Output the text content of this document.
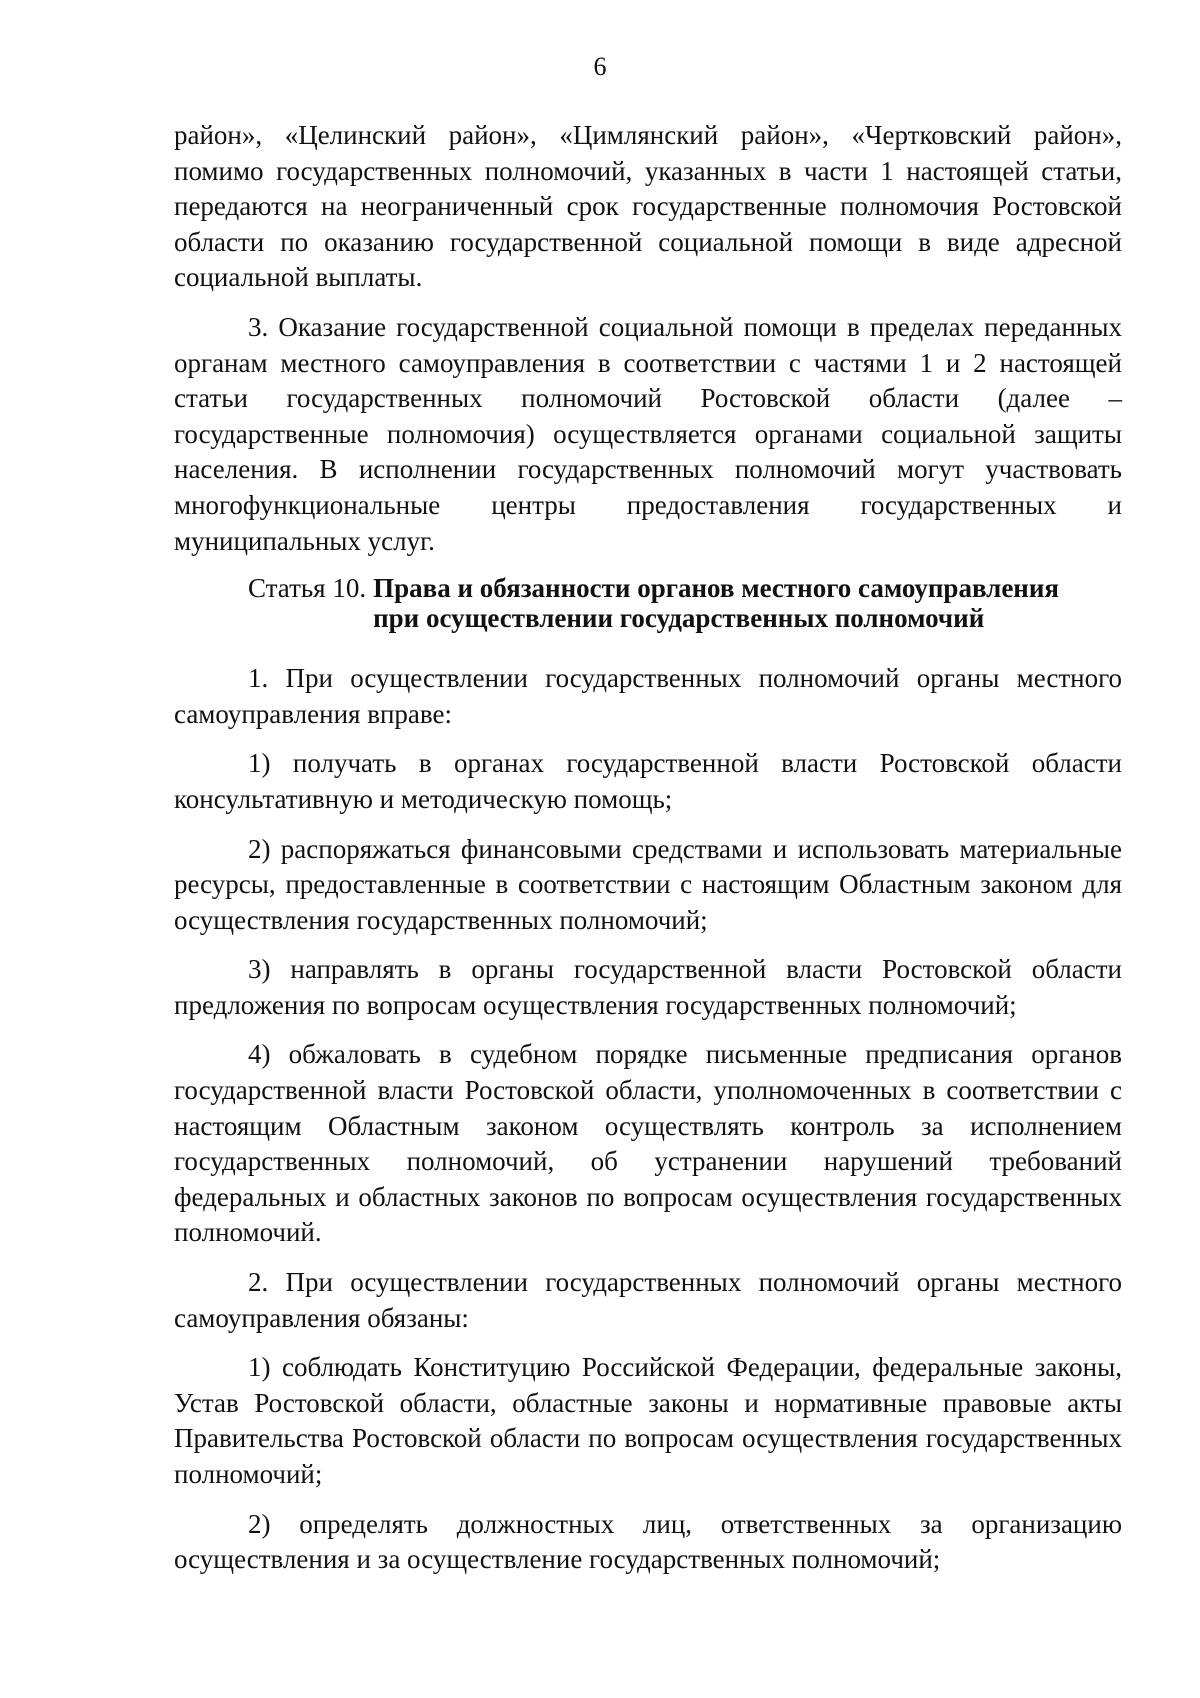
6

район», «Целинский район», «Цимлянский район», «Чертковский район», помимо государственных полномочий, указанных в части 1 настоящей статьи, передаются на неограниченный срок государственные полномочия Ростовской области по оказанию государственной социальной помощи в виде адресной социальной выплаты.

3. Оказание государственной социальной помощи в пределах переданных органам местного самоуправления в соответствии с частями 1 и 2 настоящей статьи государственных полномочий Ростовской области (далее – государственные полномочия) осуществляется органами социальной защиты населения. В исполнении государственных полномочий могут участвовать многофункциональные центры предоставления государственных и муниципальных услуг.

Статья 10. Права и обязанности органов местного самоуправления
при осуществлении государственных полномочий

1. При осуществлении государственных полномочий органы местного самоуправления вправе:

1) получать в органах государственной власти Ростовской области консультативную и методическую помощь;

2) распоряжаться финансовыми средствами и использовать материальные ресурсы, предоставленные в соответствии с настоящим Областным законом для осуществления государственных полномочий;

3) направлять в органы государственной власти Ростовской области предложения по вопросам осуществления государственных полномочий;

4) обжаловать в судебном порядке письменные предписания органов государственной власти Ростовской области, уполномоченных в соответствии с настоящим Областным законом осуществлять контроль за исполнением государственных полномочий, об устранении нарушений требований федеральных и областных законов по вопросам осуществления государственных полномочий.

2. При осуществлении государственных полномочий органы местного самоуправления обязаны:

1) соблюдать Конституцию Российской Федерации, федеральные законы, Устав Ростовской области, областные законы и нормативные правовые акты Правительства Ростовской области по вопросам осуществления государственных полномочий;

2) определять должностных лиц, ответственных за организацию осуществления и за осуществление государственных полномочий;
